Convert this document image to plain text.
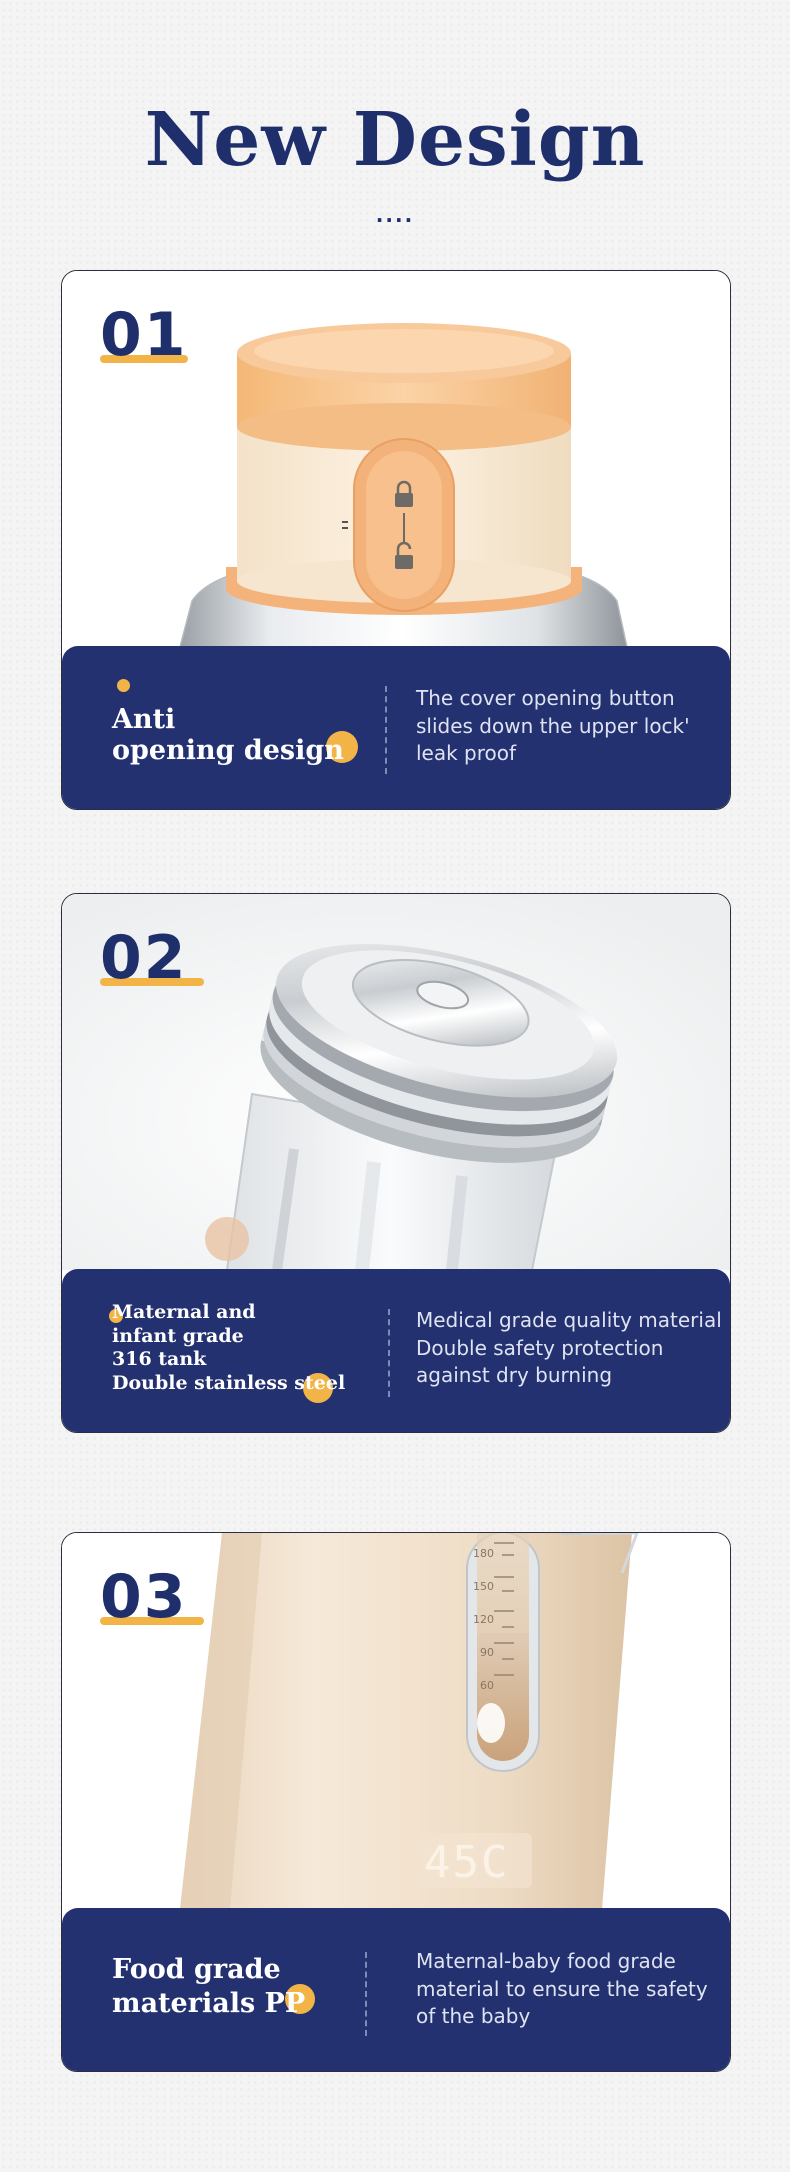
New Design
....
01
Anti
opening design
The cover opening button
slides down the upper lock'
leak proof
02
Maternal and
infant grade
316 tank
Double stainless steel
Medical grade quality material
Double safety protection
against dry burning
180
150
120
90
60
45C
03
Food grade
materials PP
Maternal-baby food grade
material to ensure the safety
of the baby
